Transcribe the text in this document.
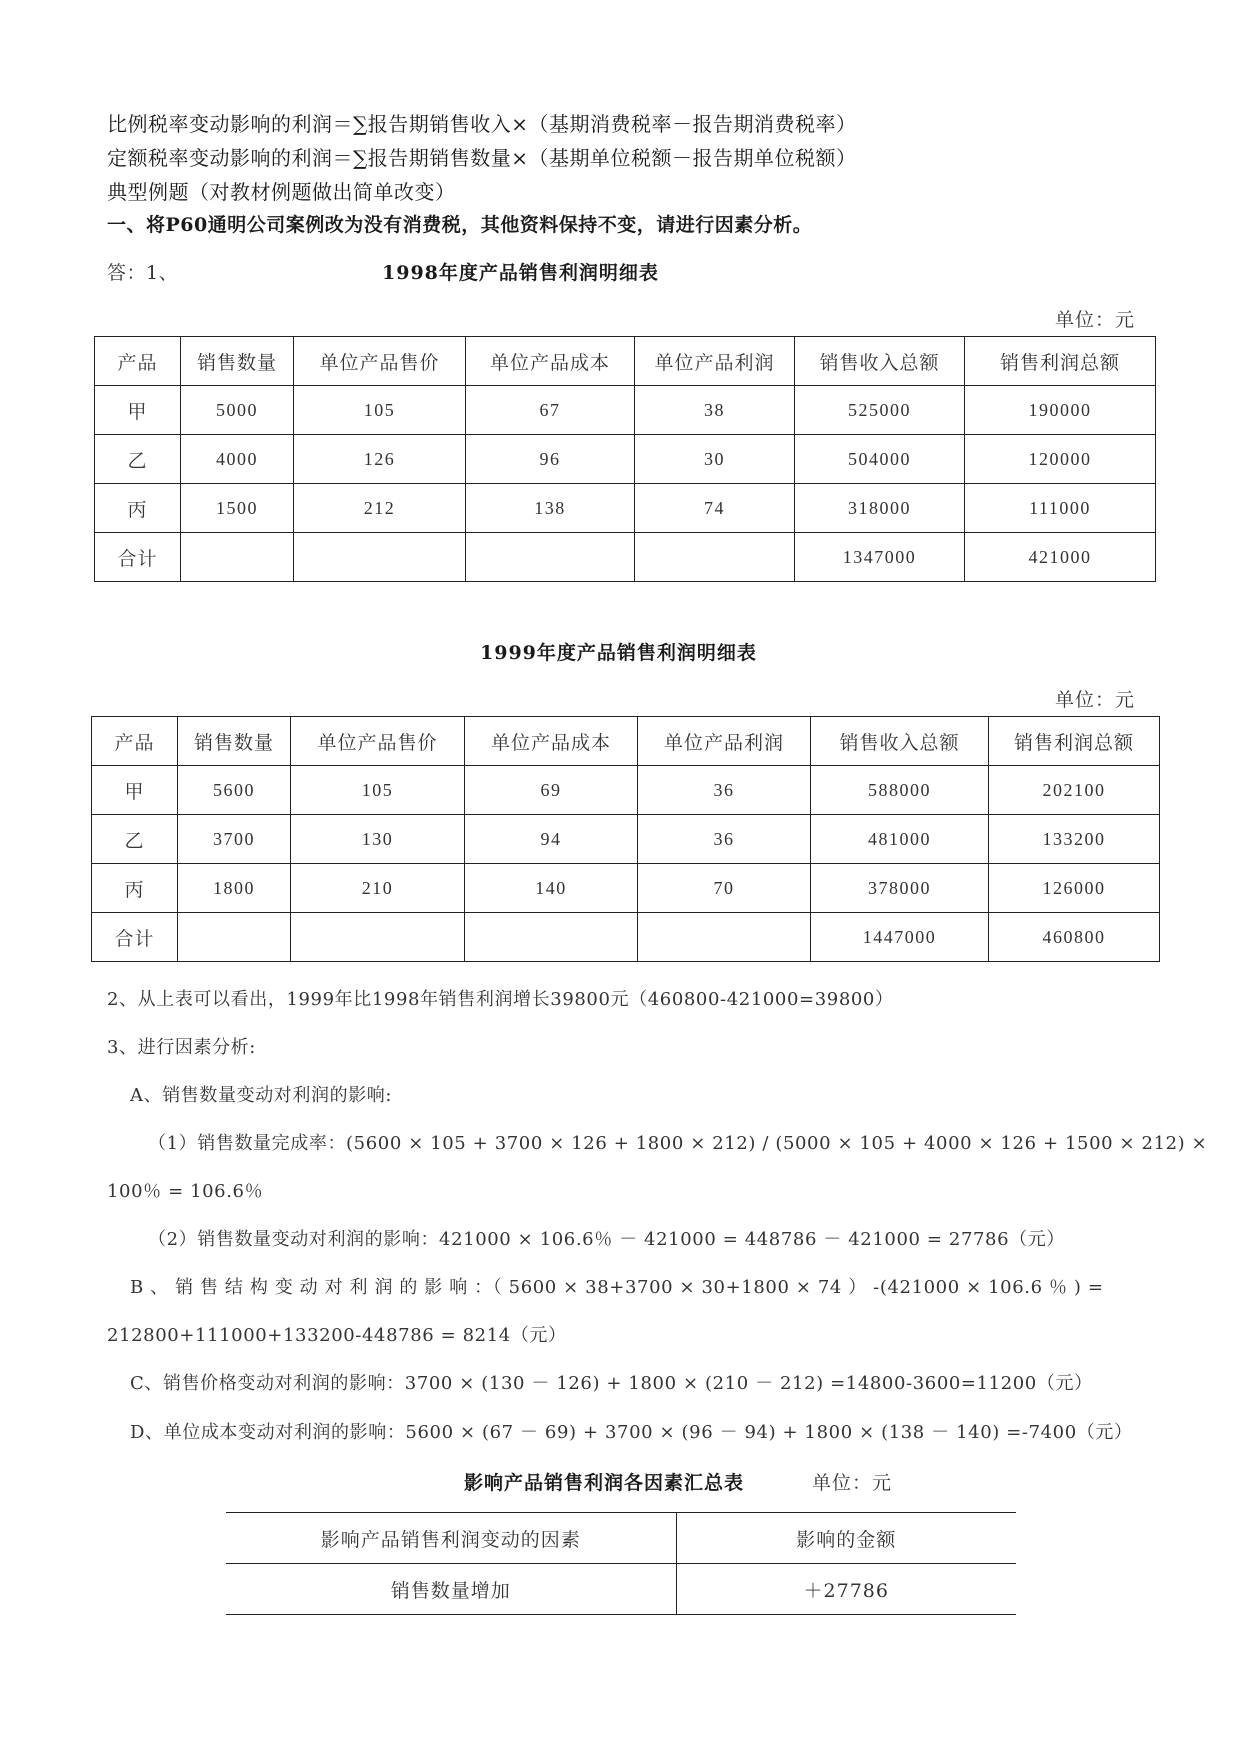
比例税率变动影响的利润＝∑报告期销售收入×（基期消费税率－报告期消费税率）
定额税率变动影响的利润＝∑报告期销售数量×（基期单位税额－报告期单位税额）
典型例题（对教材例题做出简单改变）
一、将P60通明公司案例改为没有消费税，其他资料保持不变，请进行因素分析。
答：1、	1998年度产品销售利润明细表
单位：元
产品	销售数量	单位产品售价	单位产品成本	单位产品利润	销售收入总额	销售利润总额
甲	5000	105	67	38	525000	190000
乙	4000	126	96	30	504000	120000
丙	1500	212	138	74	318000	111000
合计					1347000	421000
1999年度产品销售利润明细表
单位：元
产品	销售数量	单位产品售价	单位产品成本	单位产品利润	销售收入总额	销售利润总额
甲	5600	105	69	36	588000	202100
乙	3700	130	94	36	481000	133200
丙	1800	210	140	70	378000	126000
合计					1447000	460800
2、从上表可以看出，1999年比1998年销售利润增长39800元（460800-421000=39800）
3、进行因素分析:
A、销售数量变动对利润的影响:
（1）销售数量完成率：(5600 × 105 + 3700 × 126 + 1800 × 212) / (5000 × 105 + 4000 × 126 + 1500 × 212) ×
100％ = 106.6％
（2）销售数量变动对利润的影响：421000 × 106.6％ － 421000 = 448786 － 421000 = 27786（元）
B 、 销 售 结 构 变 动 对 利 润 的 影 响 ：（ 5600 × 38+3700 × 30+1800 × 74 ） -(421000 × 106.6 ％ ) =
212800+111000+133200-448786 = 8214（元）
C、销售价格变动对利润的影响：3700 × (130 － 126) + 1800 × (210 － 212) =14800-3600=11200（元）
D、单位成本变动对利润的影响：5600 × (67 － 69) + 3700 × (96 － 94) + 1800 × (138 － 140) =-7400（元）
影响产品销售利润各因素汇总表	单位：元
影响产品销售利润变动的因素	影响的金额
销售数量增加	＋27786
